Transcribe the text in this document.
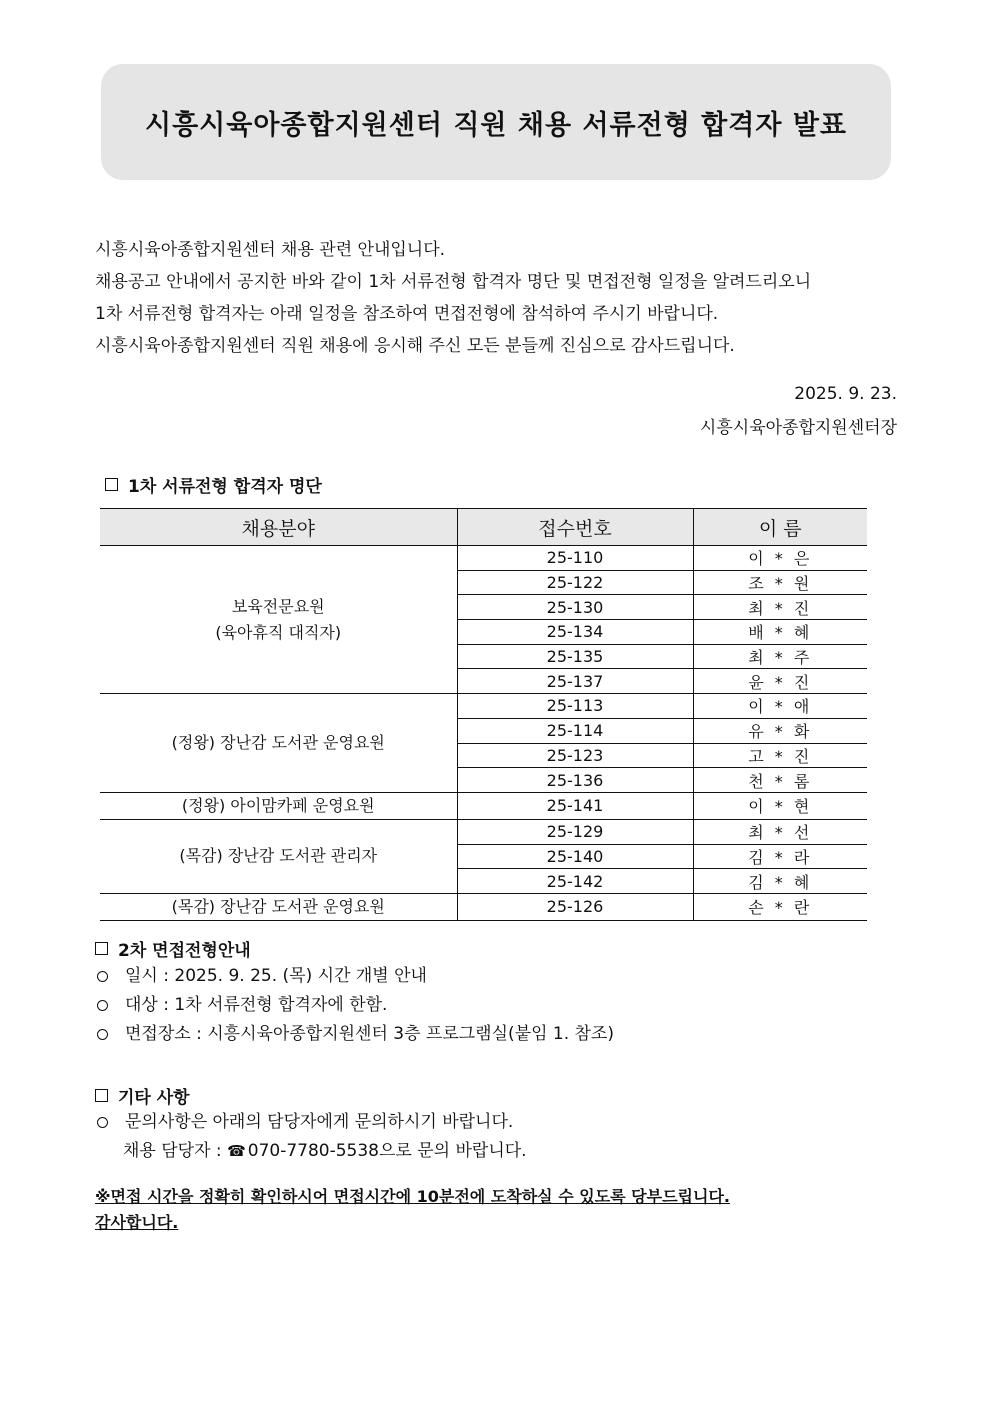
시흥시육아종합지원센터 직원 채용 서류전형 합격자 발표

시흥시육아종합지원센터 채용 관련 안내입니다.

채용공고 안내에서 공지한 바와 같이 1차 서류전형 합격자 명단 및 면접전형 일정을 알려드리오니

1차 서류전형 합격자는 아래 일정을 참조하여 면접전형에 참석하여 주시기 바랍니다.

시흥시육아종합지원센터 직원 채용에 응시해 주신 모든 분들께 진심으로 감사드립니다.

2025. 9. 23.
시흥시육아종합지원센터장
1차 서류전형 합격자 명단
채용분야	접수번호	이 름

보육전문요원
(육아휴직 대직자)	25-110	이 * 은
	25-122	조 * 원
	25-130	최 * 진
	25-134	배 * 혜
	25-135	최 * 주
	25-137	윤 * 진

(정왕) 장난감 도서관 운영요원	25-113	이 * 애
	25-114	유 * 화
	25-123	고 * 진
	25-136	천 * 롬

(정왕) 아이맘카페 운영요원	25-141	이 * 현

(목감) 장난감 도서관 관리자	25-129	최 * 선
	25-140	김 * 라
	25-142	김 * 혜

(목감) 장난감 도서관 운영요원	25-126	손 * 란
2차 면접전형안내
일시 : 2025. 9. 25. (목) 시간 개별 안내
대상 : 1차 서류전형 합격자에 한함.
면접장소 : 시흥시육아종합지원센터 3층 프로그램실(붙임 1. 참조)
기타 사항
문의사항은 아래의 담당자에게 문의하시기 바랍니다.
채용 담당자 : ☎ 070-7780-5538으로 문의 바랍니다.

※면접 시간을 정확히 확인하시어 면접시간에 10분전에 도착하실 수 있도록 당부드립니다.

감사합니다.
